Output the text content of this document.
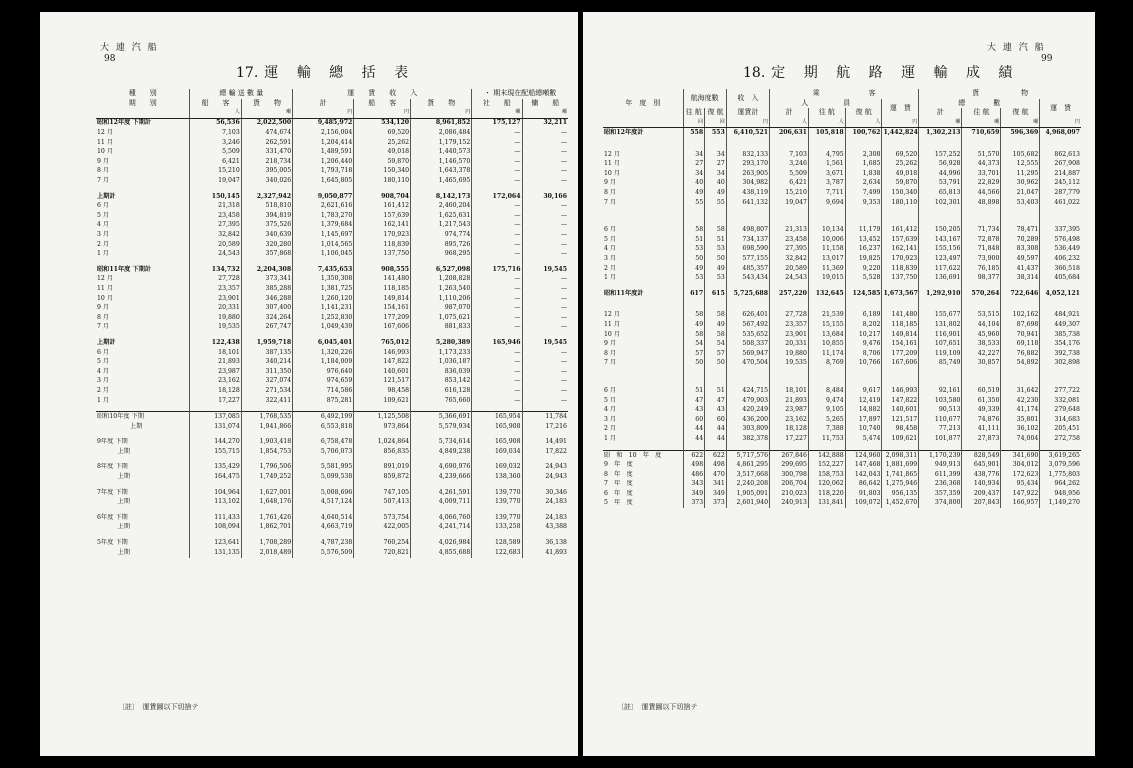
大 連 汽 船
98
17. 運 輸 總 括 表
種　　別	總 輸 送 數 量		運　　賃　　收　　入			・ 期末現在配船總噸數	
期　　別	船　　客	貨　　物	計	船　　客	貨　　物	社　　船	傭　　船
	人	噸	円	円	円	噸	噸
昭和12年度 下期計	56,536	2,022,500	9,485,972	534,120	8,961,852	175,127	32,211
12 月	7,103	474,674	2,156,004	69,520	2,086,484	—	—
11 月	3,246	262,591	1,204,414	25,262	1,179,152	—	—
10 月	5,509	331,470	1,489,591	49,018	1,440,573	—	—
9 月	6,421	218,734	1,206,440	59,870	1,146,570	—	—
8 月	15,210	395,005	1,793,718	150,340	1,643,378	—	—
7 月	19,047	340,026	1,645,805	180,110	1,465,695	—	—

上期計	150,145	2,327,942	9,050,877	908,704	8,142,173	172,064	30,166
6 月	21,318	518,810	2,621,616	161,412	2,460,204	—	—
5 月	23,458	394,819	1,783,270	157,639	1,625,631	—	—
4 月	27,395	375,526	1,379,684	162,141	1,217,543	—	—
3 月	32,842	340,639	1,145,697	170,923	974,774	—	—
2 月	20,589	320,280	1,014,565	118,839	895,726	—	—
1 月	24,543	357,868	1,106,045	137,750	968,295	—	—

昭和11年度 下期計	134,732	2,204,308	7,435,653	908,555	6,527,098	175,716	19,545
12 月	27,728	373,341	1,350,308	141,480	1,208,828	—	—
11 月	23,357	385,288	1,381,725	118,185	1,263,540	—	—
10 月	23,901	346,288	1,260,120	149,814	1,110,206	—	—
9 月	20,331	307,400	1,141,231	154,161	987,070	—	—
8 月	19,880	324,264	1,252,830	177,209	1,075,621	—	—
7 月	19,535	267,747	1,049,439	167,606	881,833	—	—

上期計	122,438	1,959,718	6,045,401	765,012	5,280,389	165,946	19,545
6 月	18,101	387,135	1,320,226	146,993	1,173,233	—	—
5 月	21,893	340,214	1,184,009	147,822	1,036,187	—	—
4 月	23,987	311,350	976,640	140,601	836,039	—	—
3 月	23,162	327,074	974,659	121,517	853,142	—	—
2 月	18,128	271,534	714,586	98,458	616,128	—	—
1 月	17,227	322,411	875,281	109,621	765,660	—	—

昭和10年度 下期	137,085	1,768,535	6,492,199	1,125,508	5,366,691	165,954	11,784
　　　　　 上期	131,074	1,941,866	6,553,818	973,864	5,579,934	165,908	17,216

9年度 下期	144,270	1,903,418	6,758,478	1,024,864	5,734,614	165,908	14,491
　　　 上期	155,715	1,854,753	5,706,073	856,835	4,849,238	169,034	17,822

8年度 下期	135,429	1,796,506	5,581,995	891,019	4,690,976	169,032	24,943
　　　 上期	164,475	1,749,252	5,099,538	859,872	4,239,666	138,360	24,943

7年度 下期	104,964	1,627,001	5,008,696	747,105	4,261,591	139,770	30,346
　　　 上期	113,102	1,648,176	4,517,124	507,413	4,009,711	139,770	24,183

6年度 下期	111,433	1,761,426	4,640,514	573,754	4,066,760	139,770	24,183
　　　 上期	108,094	1,862,701	4,663,719	422,005	4,241,714	133,258	43,388

5年度 下期	123,641	1,708,289	4,787,238	760,254	4,026,984	128,589	36,138
　　　 上期	131,135	2,018,489	5,576,509	720,821	4,855,688	122,683	41,893
〔註〕　運賃圓以下切捨テ
大 連 汽 船
99
18. 定 期 航 路 運 輸 成 績
年　度　別	航海度數		收　入	乘　　　　　　　客				貨　　　　　　物			
				人　　　　　員			運　賃	總　　　　數			運　賃
	往 航	復 航	運賃計	計	往 航	復 航		計	往 航	復 航	
	回	回	円	人	人	人	円	噸	噸	噸	円
昭和12年度計	558	553	6,410,521	206,631	105,818	100,762	1,442,824	1,302,213	710,659	596,369	4,968,097

12 月	34	34	832,133	7,103	4,795	2,308	69,520	157,252	51,570	105,682	862,613
11 月	27	27	293,170	3,246	1,561	1,685	25,262	56,928	44,373	12,555	267,908
10 月	34	34	263,905	5,509	3,671	1,838	49,018	44,996	33,701	11,295	214,887
9 月	40	40	304,982	6,421	3,787	2,634	59,870	53,791	22,829	30,962	245,112
8 月	49	49	438,119	15,210	7,711	7,499	150,340	65,813	44,566	21,047	287,779
7 月	55	55	641,132	19,047	9,694	9,353	180,110	102,301	48,898	53,403	461,022

6 月	58	58	498,807	21,313	10,134	11,179	161,412	150,205	71,734	78,471	337,395
5 月	51	51	734,137	23,458	10,006	13,452	157,639	143,167	72,878	70,289	576,498
4 月	53	53	698,590	27,395	11,158	16,237	162,141	155,156	71,848	83,308	536,449
3 月	50	50	577,155	32,842	13,017	19,825	170,923	123,497	73,900	49,597	406,232
2 月	49	49	485,357	20,589	11,369	9,220	118,839	117,622	76,185	41,437	366,518
1 月	53	53	543,434	24,543	19,015	5,528	137,750	136,691	98,377	38,314	405,684

昭和11年度計	617	615	5,725,688	257,220	132,645	124,585	1,673,567	1,292,910	570,264	722,646	4,052,121

12 月	58	58	626,401	27,728	21,539	6,189	141,480	155,677	53,515	102,162	484,921
11 月	49	49	567,492	23,357	15,155	8,202	118,185	131,802	44,104	87,698	449,307
10 月	58	58	535,652	23,901	13,684	10,217	149,814	116,901	45,960	70,941	385,738
9 月	54	54	508,337	20,331	10,855	9,476	154,161	107,651	38,533	69,118	354,176
8 月	57	57	569,947	19,880	11,174	8,706	177,209	119,109	42,227	76,882	392,738
7 月	50	50	470,504	19,535	8,769	10,766	167,606	85,749	30,857	54,892	302,898

6 月	51	51	424,715	18,101	8,484	9,617	146,993	92,161	60,519	31,642	277,722
5 月	47	47	479,903	21,893	9,474	12,419	147,822	103,580	61,350	42,230	332,081
4 月	43	43	420,249	23,987	9,105	14,882	140,601	90,513	49,339	41,174	279,648
3 月	60	60	436,200	23,162	5,265	17,897	121,517	110,677	74,876	35,801	314,683
2 月	44	44	303,809	18,128	7,388	10,740	98,458	77,213	41,111	36,102	205,451
1 月	44	44	382,378	17,227	11,753	5,474	109,621	101,877	27,873	74,004	272,758

昭　和　10　年　度	622	622	5,717,576	267,846	142,888	124,960	2,098,311	1,170,239	828,549	341,690	3,619,265
9　年　度	498	498	4,861,295	299,695	152,227	147,468	1,881,699	949,913	645,901	304,012	3,079,596
8　年　度	486	470	3,517,668	300,798	158,753	142,043	1,741,865	611,399	438,776	172,623	1,775,803
7　年　度	343	341	2,240,208	206,704	120,062	86,642	1,275,946	236,368	140,934	95,434	964,262
6　年　度	349	349	1,905,091	210,023	118,220	91,803	956,135	357,359	209,437	147,922	948,956
5　年　度	373	373	2,601,940	240,913	131,841	109,072	1,452,670	374,800	207,843	166,957	1,149,270
〔註〕　運賃圓以下切捨テ
